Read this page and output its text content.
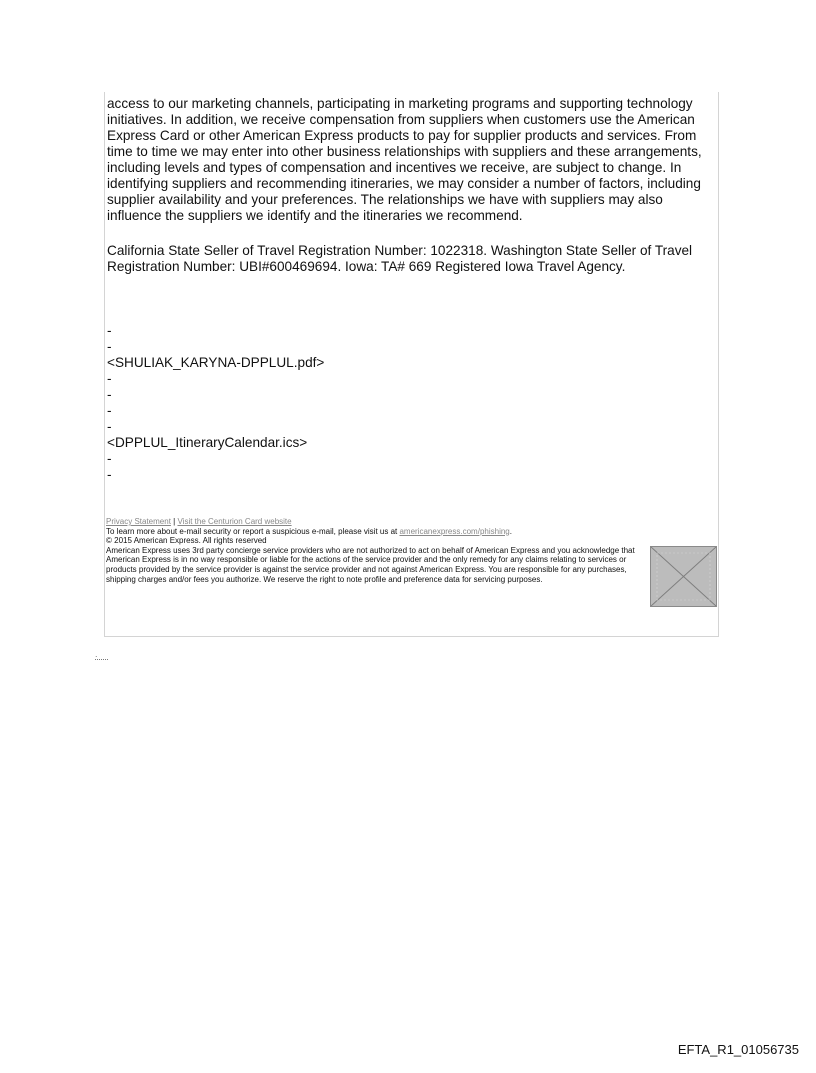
access to our marketing channels, participating in marketing programs and supporting technology initiatives. In addition, we receive compensation from suppliers when customers use the American Express Card or other American Express products to pay for supplier products and services. From time to time we may enter into other business relationships with suppliers and these arrangements, including levels and types of compensation and incentives we receive, are subject to change. In identifying suppliers and recommending itineraries, we may consider a number of factors, including supplier availability and your preferences. The relationships we have with suppliers may also influence the suppliers we identify and the itineraries we recommend.

California State Seller of Travel Registration Number: 1022318. Washington State Seller of Travel Registration Number: UBI#600469694. Iowa: TA# 669 Registered Iowa Travel Agency.

-

-

<SHULIAK_KARYNA-DPPLUL.pdf>

-

-

-

-

<DPPLUL_ItineraryCalendar.ics>

-

-

Privacy Statement | Visit the Centurion Card website

To learn more about e-mail security or report a suspicious e-mail, please visit us at americanexpress.com/phishing.

© 2015 American Express. All rights reserved

American Express uses 3rd party concierge service providers who are not authorized to act on behalf of American Express and you acknowledge that American Express is in no way responsible or liable for the actions of the service provider and the only remedy for any claims relating to services or products provided by the service provider is against the service provider and not against American Express. You are responsible for any purchases, shipping charges and/or fees you authorize. We reserve the right to note profile and preference data for servicing purposes.

.
EFTA_R1_01056735
